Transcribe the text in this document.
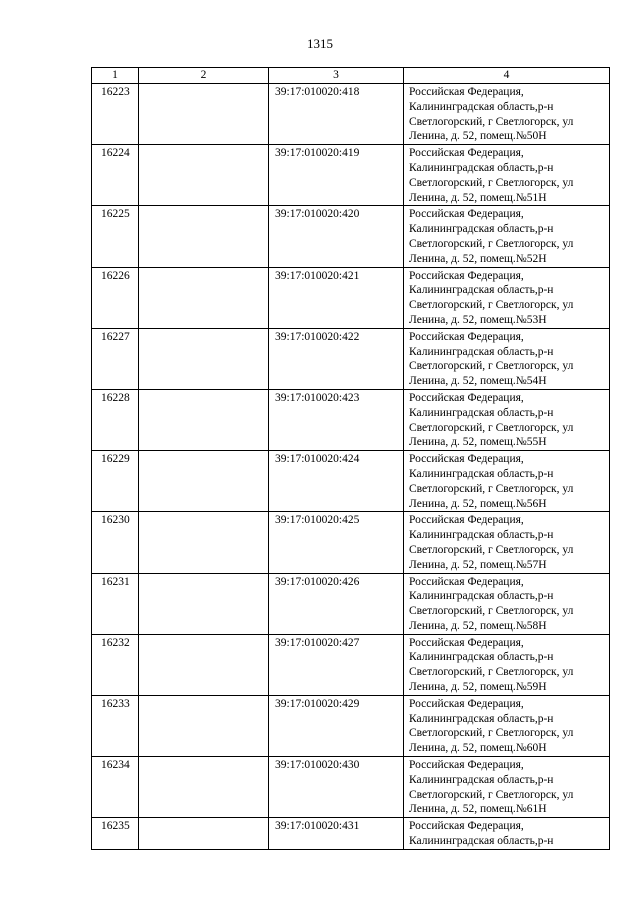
1315
1	2	3	4
16223		39:17:010020:418	Российская Федерация,
Калининградская область,р-н
Светлогорский, г Светлогорск, ул
Ленина, д. 52, помещ.№50Н

16224		39:17:010020:419	Российская Федерация,
Калининградская область,р-н
Светлогорский, г Светлогорск, ул
Ленина, д. 52, помещ.№51Н

16225		39:17:010020:420	Российская Федерация,
Калининградская область,р-н
Светлогорский, г Светлогорск, ул
Ленина, д. 52, помещ.№52Н

16226		39:17:010020:421	Российская Федерация,
Калининградская область,р-н
Светлогорский, г Светлогорск, ул
Ленина, д. 52, помещ.№53Н

16227		39:17:010020:422	Российская Федерация,
Калининградская область,р-н
Светлогорский, г Светлогорск, ул
Ленина, д. 52, помещ.№54Н

16228		39:17:010020:423	Российская Федерация,
Калининградская область,р-н
Светлогорский, г Светлогорск, ул
Ленина, д. 52, помещ.№55Н

16229		39:17:010020:424	Российская Федерация,
Калининградская область,р-н
Светлогорский, г Светлогорск, ул
Ленина, д. 52, помещ.№56Н

16230		39:17:010020:425	Российская Федерация,
Калининградская область,р-н
Светлогорский, г Светлогорск, ул
Ленина, д. 52, помещ.№57Н

16231		39:17:010020:426	Российская Федерация,
Калининградская область,р-н
Светлогорский, г Светлогорск, ул
Ленина, д. 52, помещ.№58Н

16232		39:17:010020:427	Российская Федерация,
Калининградская область,р-н
Светлогорский, г Светлогорск, ул
Ленина, д. 52, помещ.№59Н

16233		39:17:010020:429	Российская Федерация,
Калининградская область,р-н
Светлогорский, г Светлогорск, ул
Ленина, д. 52, помещ.№60Н

16234		39:17:010020:430	Российская Федерация,
Калининградская область,р-н
Светлогорский, г Светлогорск, ул
Ленина, д. 52, помещ.№61Н

16235		39:17:010020:431	Российская Федерация,
Калининградская область,р-н
